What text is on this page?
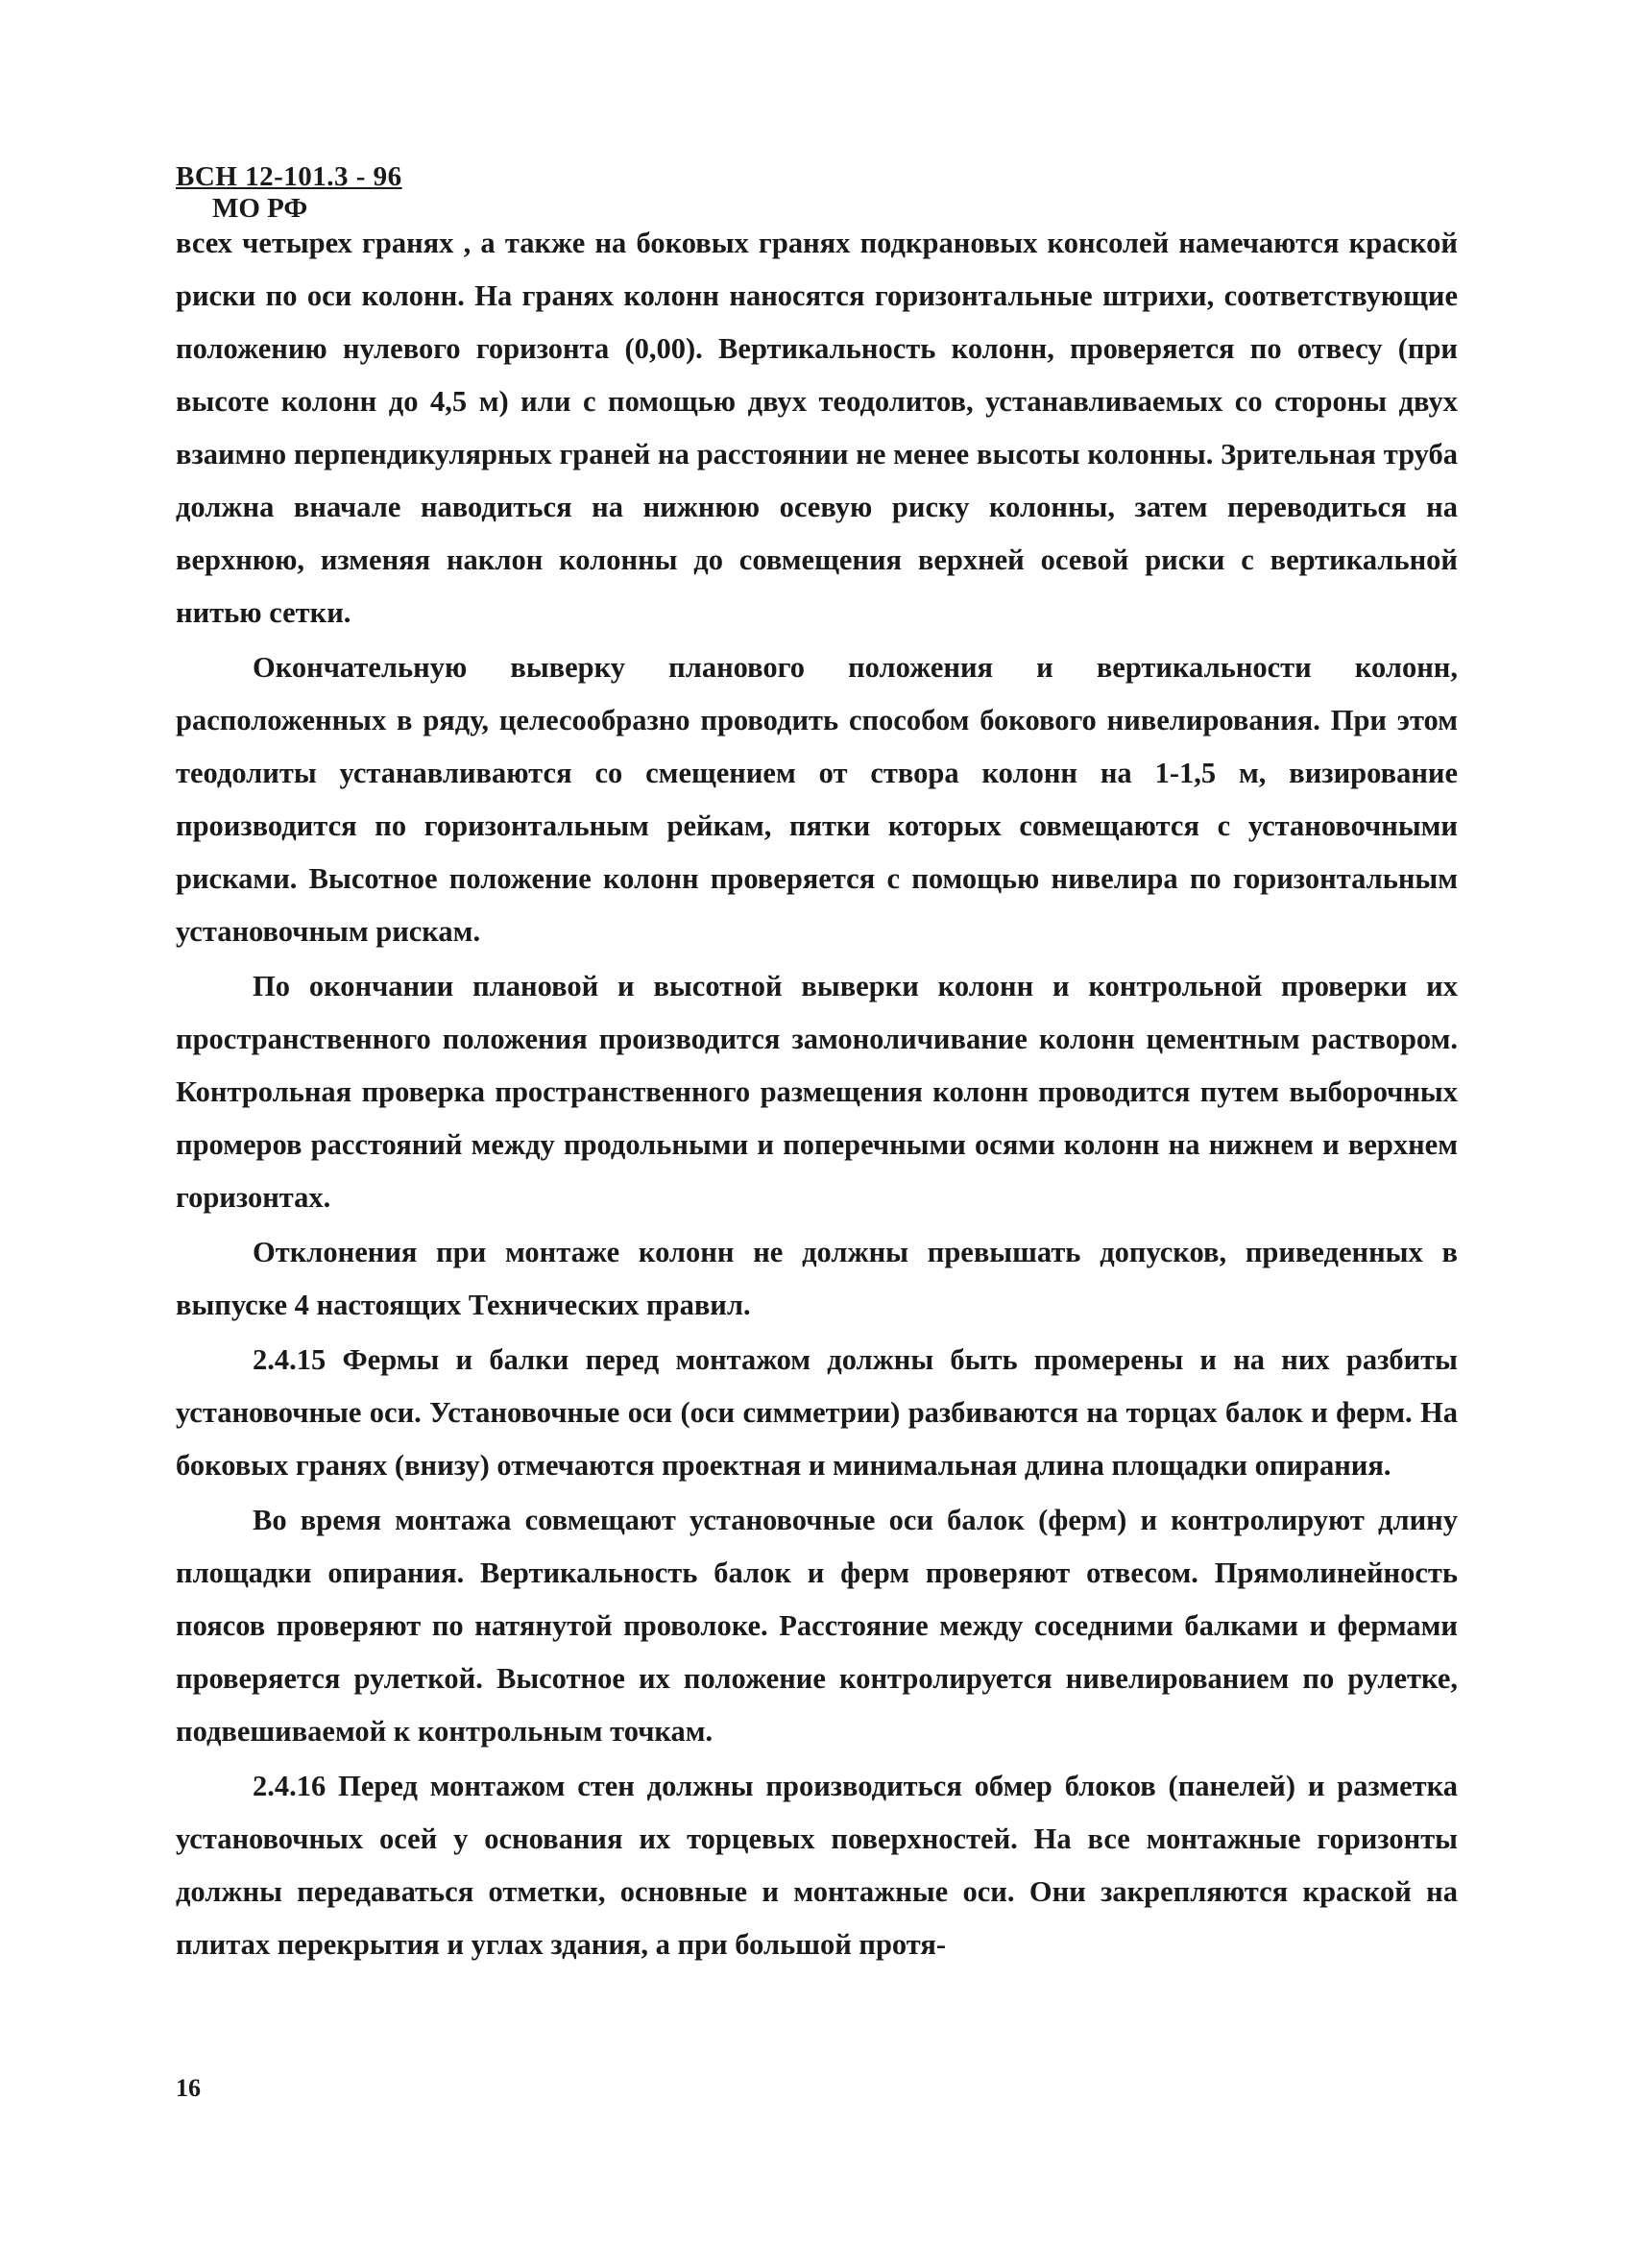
ВСН 12-101.3 - 96
МО РФ

всех четырех гранях , а также на боковых гранях подкрановых консолей намечаются краской риски по оси колонн. На гранях колонн наносятся горизонтальные штрихи, соответствующие положению нулевого горизонта (0,00). Вертикальность колонн, проверяется по отвесу (при высоте колонн до 4,5 м) или с помощью двух теодолитов, устанавливаемых со стороны двух взаимно перпендикулярных граней на расстоянии не менее высоты колонны. Зрительная труба должна вначале наводиться на нижнюю осевую риску колонны, затем переводиться на верхнюю, изменяя наклон колонны до совмещения верхней осевой риски с вертикальной нитью сетки.

Окончательную выверку планового положения и вертикальности колонн, расположенных в ряду, целесообразно проводить способом бокового нивелирования. При этом теодолиты устанавливаются со смещением от створа колонн на 1-1,5 м, визирование производится по горизонтальным рейкам, пятки которых совмещаются с установочными рисками. Высотное положение колонн проверяется с помощью нивелира по горизонтальным установочным рискам.

По окончании плановой и высотной выверки колонн и контрольной проверки их пространственного положения производится замоноличивание колонн цементным раствором. Контрольная проверка пространственного размещения колонн проводится путем выборочных промеров расстояний между продольными и поперечными осями колонн на нижнем и верхнем горизонтах.

Отклонения при монтаже колонн не должны превышать допусков, приведенных в выпуске 4 настоящих Технических правил.

2.4.15 Фермы и балки перед монтажом должны быть промерены и на них разбиты установочные оси. Установочные оси (оси симметрии) разбиваются на торцах балок и ферм. На боковых гранях (внизу) отмечаются проектная и минимальная длина площадки опирания.

Во время монтажа совмещают установочные оси балок (ферм) и контролируют длину площадки опирания. Вертикальность балок и ферм проверяют отвесом. Прямолинейность поясов проверяют по натянутой проволоке. Расстояние между соседними балками и фермами проверяется рулеткой. Высотное их положение контролируется нивелированием по рулетке, подвешиваемой к контрольным точкам.

2.4.16 Перед монтажом стен должны производиться обмер блоков (панелей) и разметка установочных осей у основания их торцевых поверхностей. На все монтажные горизонты должны передаваться отметки, основные и монтажные оси. Они закрепляются краской на плитах перекрытия и углах здания, а при большой протя-

16
